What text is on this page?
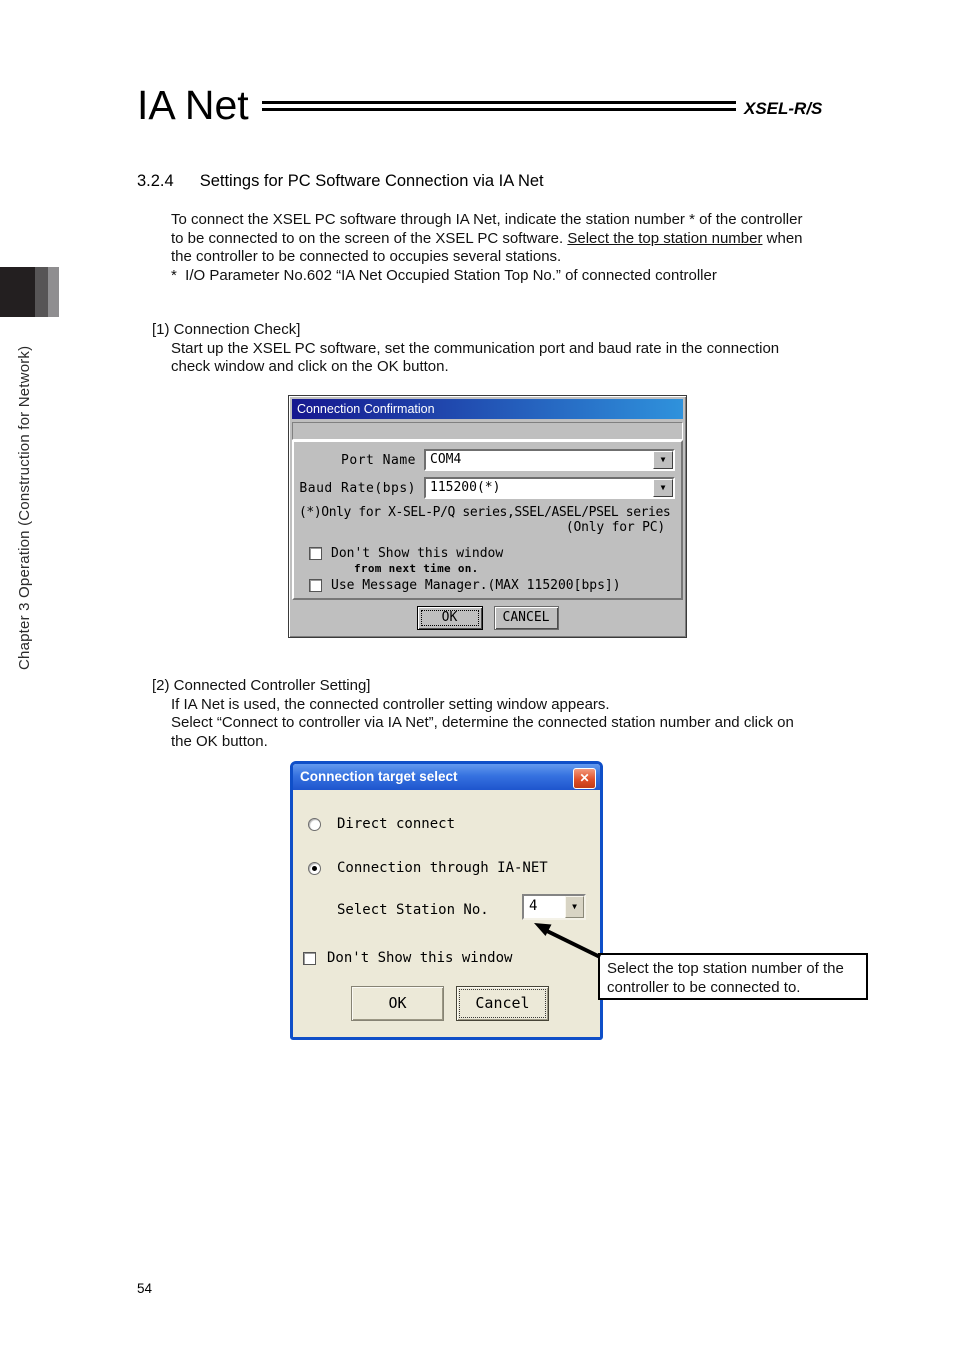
Chapter 3 Operation (Construction for Network)
IA Net	XSEL-R/S
3.2.4 Settings for PC Software Connection via IA Net
To connect the XSEL PC software through IA Net, indicate the station number * of the controller
to be connected to on the screen of the XSEL PC software. Select the top station number when
the controller to be connected to occupies several stations.
*  I/O Parameter No.602 “IA Net Occupied Station Top No.” of connected controller
[1) Connection Check]
Start up the XSEL PC software, set the communication port and baud rate in the connection
check window and click on the OK button.
Connection Confirmation
Port Name	COM4	▼
Baud Rate(bps)	115200(*)	▼
(*)Only for X-SEL-P/Q series,SSEL/ASEL/PSEL series
(Only for PC)
Don't Show this window
from next time on.
Use Message Manager.(MAX 115200[bps])
OK	CANCEL
[2) Connected Controller Setting]
If IA Net is used, the connected controller setting window appears.
Select “Connect to controller via IA Net”, determine the connected station number and click on
the OK button.
Connection target select	✕
Direct connect
Connection through IA-NET
Select Station No.	4	▼
Don't Show this window
OK	Cancel
Select the top station number of the
controller to be connected to.
54
